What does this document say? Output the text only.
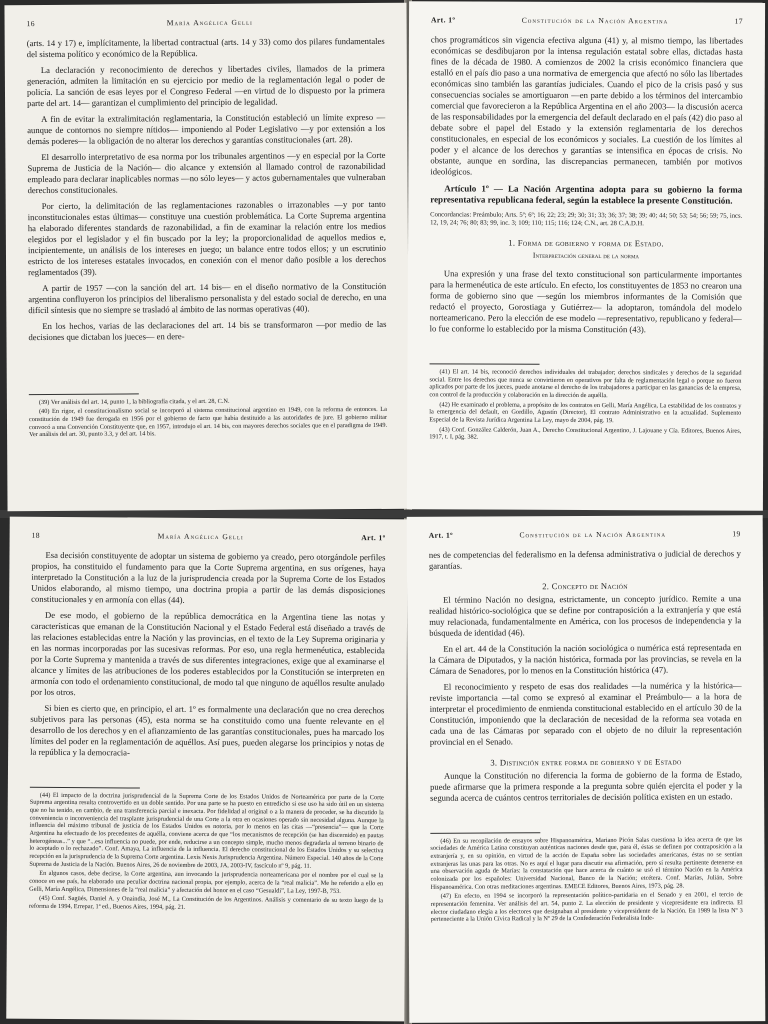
16	María Angélica Gelli

(arts. 14 y 17) e, implícitamente, la libertad contractual (arts. 14 y 33) como dos pilares fundamentales del sistema político y económico de la República.

La declaración y reconocimiento de derechos y libertades civiles, llamados de la primera generación, admiten la limitación en su ejercicio por medio de la reglamentación legal o poder de policía. La sanción de esas leyes por el Congreso Federal —en virtud de lo dispuesto por la primera parte del art. 14— garantizan el cumplimiento del principio de legalidad.

A fin de evitar la extralimitación reglamentaria, la Constitución estableció un límite expreso —aunque de contornos no siempre nítidos— imponiendo al Poder Legislativo —y por extensión a los demás poderes— la obligación de no alterar los derechos y garantías constitucionales (art. 28).

El desarrollo interpretativo de esa norma por los tribunales argentinos —y en especial por la Corte Suprema de Justicia de la Nación— dio alcance y extensión al llamado control de razonabilidad empleado para declarar inaplicables normas —no sólo leyes— y actos gubernamentales que vulneraban derechos constitucionales.

Por cierto, la delimitación de las reglamentaciones razonables o irrazonables —y por tanto inconstitucionales estas últimas— constituye una cuestión problemática. La Corte Suprema argentina ha elaborado diferentes standards de razonabilidad, a fin de examinar la relación entre los medios elegidos por el legislador y el fin buscado por la ley; la proporcionalidad de aquellos medios e, incipientemente, un análisis de los intereses en juego; un balance entre todos ellos; y un escrutinio estricto de los intereses estatales invocados, en conexión con el menor daño posible a los derechos reglamentados (39).

A partir de 1957 —con la sanción del art. 14 bis— en el diseño normativo de la Constitución argentina confluyeron los principios del liberalismo personalista y del estado social de derecho, en una difícil síntesis que no siempre se trasladó al ámbito de las normas operativas (40).

En los hechos, varias de las declaraciones del art. 14 bis se transformaron —por medio de las decisiones que dictaban los jueces— en dere-

(39) Ver análisis del art. 14, punto 1, la bibliografía citada, y el art. 28, C.N.
(40) En rigor, el constitucionalismo social se incorporó al sistema constitucional argentino en 1949, con la reforma de entonces. La constitución de 1949 fue derogada en 1956 por el gobierno de facto que había destituido a las autoridades de jure. El gobierno militar convocó a una Convención Constituyente que, en 1957, introdujo el art. 14 bis, con mayores derechos sociales que en el paradigma de 1949. Ver análisis del art. 30, punto 3.3, y del art. 14 bis.
Art. 1º	Constitución de la Nación Argentina	17

chos programáticos sin vigencia efectiva alguna (41) y, al mismo tiempo, las libertades económicas se desdibujaron por la intensa regulación estatal sobre ellas, dictadas hasta fines de la década de 1980. A comienzos de 2002 la crisis económico financiera que estalló en el país dio paso a una normativa de emergencia que afectó no sólo las libertades económicas sino también las garantías judiciales. Cuando el pico de la crisis pasó y sus consecuencias sociales se amortiguaron —en parte debido a los términos del intercambio comercial que favorecieron a la República Argentina en el año 2003— la discusión acerca de las responsabilidades por la emergencia del default declarado en el país (42) dio paso al debate sobre el papel del Estado y la extensión reglamentaria de los derechos constitucionales, en especial de los económicos y sociales. La cuestión de los límites al poder y el alcance de los derechos y garantías se intensifica en épocas de crisis. No obstante, aunque en sordina, las discrepancias permanecen, también por motivos ideológicos.

Artículo 1º — La Nación Argentina adopta para su gobierno la forma representativa republicana federal, según la establece la presente Constitución.
Concordancias: Preámbulo; Arts. 5º; 6º; 16; 22; 23; 29; 30; 31; 33; 36; 37; 38; 39; 40; 44; 50; 53; 54; 56; 59; 75, incs. 12, 19, 24; 76; 80; 83; 99, inc. 3; 109; 110; 115; 116; 124; C.N., art. 28 C.A.D.H.
1. Forma de gobierno y forma de Estado.
Interpretación general de la norma

Una expresión y una frase del texto constitucional son particularmente importantes para la hermenéutica de este artículo. En efecto, los constituyentes de 1853 no crearon una forma de gobierno sino que —según los miembros informantes de la Comisión que redactó el proyecto, Gorostiaga y Gutiérrez— la adoptaron, tomándola del modelo norteamericano. Pero la elección de ese modelo —representativo, republicano y federal— lo fue conforme lo establecido por la misma Constitución (43).

(41) El art. 14 bis, reconoció derechos individuales del trabajador; derechos sindicales y derechos de la seguridad social. Entre los derechos que nunca se convirtieron en operativos por falta de reglamentación legal o porque no fueron aplicados por parte de los jueces, puede anotarse el derecho de los trabajadores a participar en las ganancias de la empresa, con control de la producción y colaboración en la dirección de aquélla.
(42) He examinado el problema, a propósito de los contratos en Gelli, María Angélica, La estabilidad de los contratos y la emergencia del default, en Gordillo, Agustín (Director), El contrato Administrativo en la actualidad. Suplemento Especial de la Revista Jurídica Argentina La Ley, mayo de 2004, pág. 19.
(43) Conf. González Calderón, Juan A., Derecho Constitucional Argentino, J. Lajouane y Cía. Editores, Buenos Aires, 1917, t. I, pág. 382.
18	María Angélica Gelli	Art. 1º

Esa decisión constituyente de adoptar un sistema de gobierno ya creado, pero otorgándole perfiles propios, ha constituido el fundamento para que la Corte Suprema argentina, en sus orígenes, haya interpretado la Constitución a la luz de la jurisprudencia creada por la Suprema Corte de los Estados Unidos elaborando, al mismo tiempo, una doctrina propia a partir de las demás disposiciones constitucionales y en armonía con ellas (44).

De ese modo, el gobierno de la república democrática en la Argentina tiene las notas y características que emanan de la Constitución Nacional y el Estado Federal está diseñado a través de las relaciones establecidas entre la Nación y las provincias, en el texto de la Ley Suprema originaria y en las normas incorporadas por las sucesivas reformas. Por eso, una regla hermenéutica, establecida por la Corte Suprema y mantenida a través de sus diferentes integraciones, exige que al examinarse el alcance y límites de las atribuciones de los poderes establecidos por la Constitución se interpreten en armonía con todo el ordenamiento constitucional, de modo tal que ninguno de aquéllos resulte anulado por los otros.

Si bien es cierto que, en principio, el art. 1º es formalmente una declaración que no crea derechos subjetivos para las personas (45), esta norma se ha constituido como una fuente relevante en el desarrollo de los derechos y en el afianzamiento de las garantías constitucionales, pues ha marcado los límites del poder en la reglamentación de aquéllos. Así pues, pueden alegarse los principios y notas de la república y la democracia-

(44) El impacto de la doctrina jurisprudencial de la Suprema Corte de los Estados Unidos de Norteamérica por parte de la Corte Suprema argentina resulta controvertido en un doble sentido. Por una parte se ha puesto en entredicho si ese uso ha sido útil en un sistema que no ha tenido, en cambio, de una transferencia parcial e inexacta. Por fidelidad al original o a la manera de proceder, se ha discutido la conveniencia o inconveniencia del trasplante jurisprudencial de una Corte a la otra en ocasiones operado sin necesidad alguna. Aunque la influencia del máximo tribunal de justicia de los Estados Unidos es notoria, por lo menos en las citas —“presencia”— que la Corte Argentina ha efectuado de los precedentes de aquélla, conviene acerca de que “los mecanismos de recepción (se han discernido) en pautas heterogéneas...” y que “...esa influencia no puede, por ende, reducirse a un concepto simple, mucho menos degradarla al terreno binario de lo aceptado o lo rechazado”. Conf. Amaya, La influencia de la influencia. El derecho constitucional de los Estados Unidos y su selectiva recepción en la jurisprudencia de la Suprema Corte argentina. Lexis Nexis Jurisprudencia Argentina. Número Especial. 140 años de la Corte Suprema de Justicia de la Nación. Buenos Aires, 26 de noviembre de 2003, JA, 2003-IV, fascículo nº 9, pág. 11.
En algunos casos, debe decirse, la Corte argentina, aun invocando la jurisprudencia norteamericana por el nombre por el cual se la conoce en ese país, ha elaborado una peculiar doctrina nacional propia, por ejemplo, acerca de la “real malicia”. Me he referido a ello en Gelli, María Angélica, Dimensiones de la “real malicia” y afectación del honor en el caso “Gesualdi”, La Ley, 1997-B, 753.
(45) Conf. Sagüés, Daniel A. y Onaindia, José M., La Constitución de los Argentinos. Análisis y comentario de su texto luego de la reforma de 1994, Errepar, 1ª ed., Buenos Aires, 1994, pág. 21.
Art. 1º	Constitución de la Nación Argentina	19

nes de competencias del federalismo en la defensa administrativa o judicial de derechos y garantías.

2. Concepto de Nación

El término Nación no designa, estrictamente, un concepto jurídico. Remite a una realidad histórico-sociológica que se define por contraposición a la extranjería y que está muy relacionada, fundamentalmente en América, con los procesos de independencia y la búsqueda de identidad (46).

En el art. 44 de la Constitución la nación sociológica o numérica está representada en la Cámara de Diputados, y la nación histórica, formada por las provincias, se revela en la Cámara de Senadores, por lo menos en la Constitución histórica (47).

El reconocimiento y respeto de esas dos realidades —la numérica y la histórica— reviste importancia —tal como se expresó al examinar el Preámbulo— a la hora de interpretar el procedimiento de enmienda constitucional establecido en el artículo 30 de la Constitución, imponiendo que la declaración de necesidad de la reforma sea votada en cada una de las Cámaras por separado con el objeto de no diluir la representación provincial en el Senado.

3. Distinción entre forma de gobierno y de Estado

Aunque la Constitución no diferencia la forma de gobierno de la forma de Estado, puede afirmarse que la primera responde a la pregunta sobre quién ejercita el poder y la segunda acerca de cuántos centros territoriales de decisión política existen en un estado.

(46) En su recopilación de ensayos sobre Hispanoamérica, Mariano Picón Salas cuestiona la idea acerca de que las sociedades de América Latina constituyan auténticas naciones desde que, para él, éstas se definen por contraposición a la extranjería y, en su opinión, en virtud de la acción de España sobre las sociedades americanas, éstas no se sentían extranjeras las unas para las otras. No es aquí el lugar para discutir esa afirmación, pero sí resulta pertinente detenerse en una observación aguda de Marías: la constatación que hace acerca de cuánto se usó el término Nación en la América colonizada por los españoles: Universidad Nacional, Banco de la Nación; etcétera. Conf. Marías, Julián, Sobre Hispanoamérica. Con otras meditaciones argentinas. EMECE Editores, Buenos Aires, 1973, pág. 28.
(47) En efecto, en 1994 se incorporó la representación político-partidaria en el Senado y en 2001, el tercio de representación femenina. Ver análisis del art. 54, punto 2. La elección de presidente y vicepresidente era indirecta. El elector ciudadano elegía a los electores que designaban al presidente y vicepresidente de la Nación. En 1989 la lista Nº 3 perteneciente a la Unión Cívica Radical y la Nº 29 de la Confederación Federalista Inde-
